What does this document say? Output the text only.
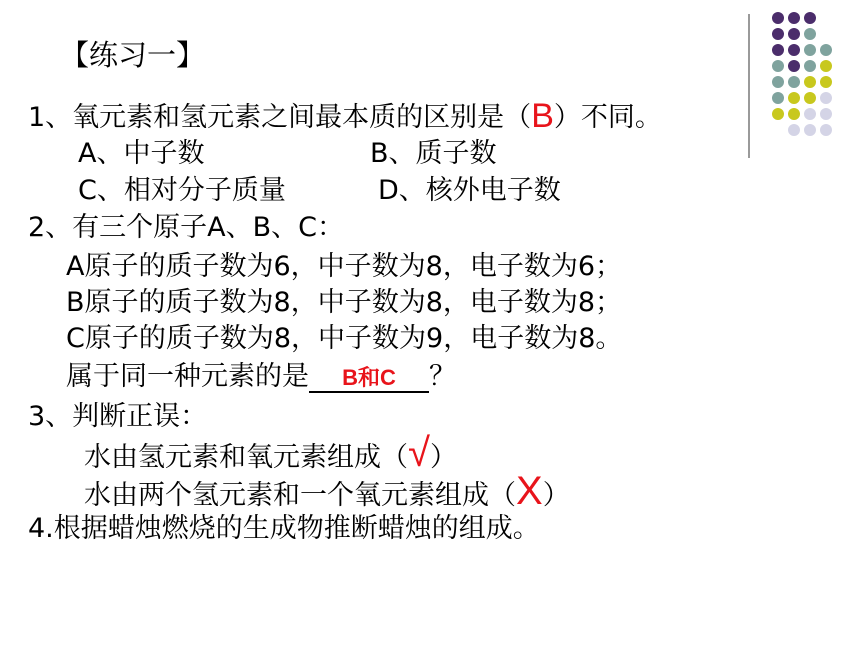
【练习一】
1、氧元素和氢元素之间最本质的区别是（B）不同。
A、中子数	B、质子数
C、相对分子质量	D、核外电子数
2、有三个原子A、B、C：
A原子的质子数为6，中子数为8，电子数为6；
B原子的质子数为8，中子数为8，电子数为8；
C原子的质子数为8，中子数为9，电子数为8。
属于同一种元素的是 B和C ？
3、判断正误：
水由氢元素和氧元素组成（√）
水由两个氢元素和一个氧元素组成（X）
4.根据蜡烛燃烧的生成物推断蜡烛的组成。
